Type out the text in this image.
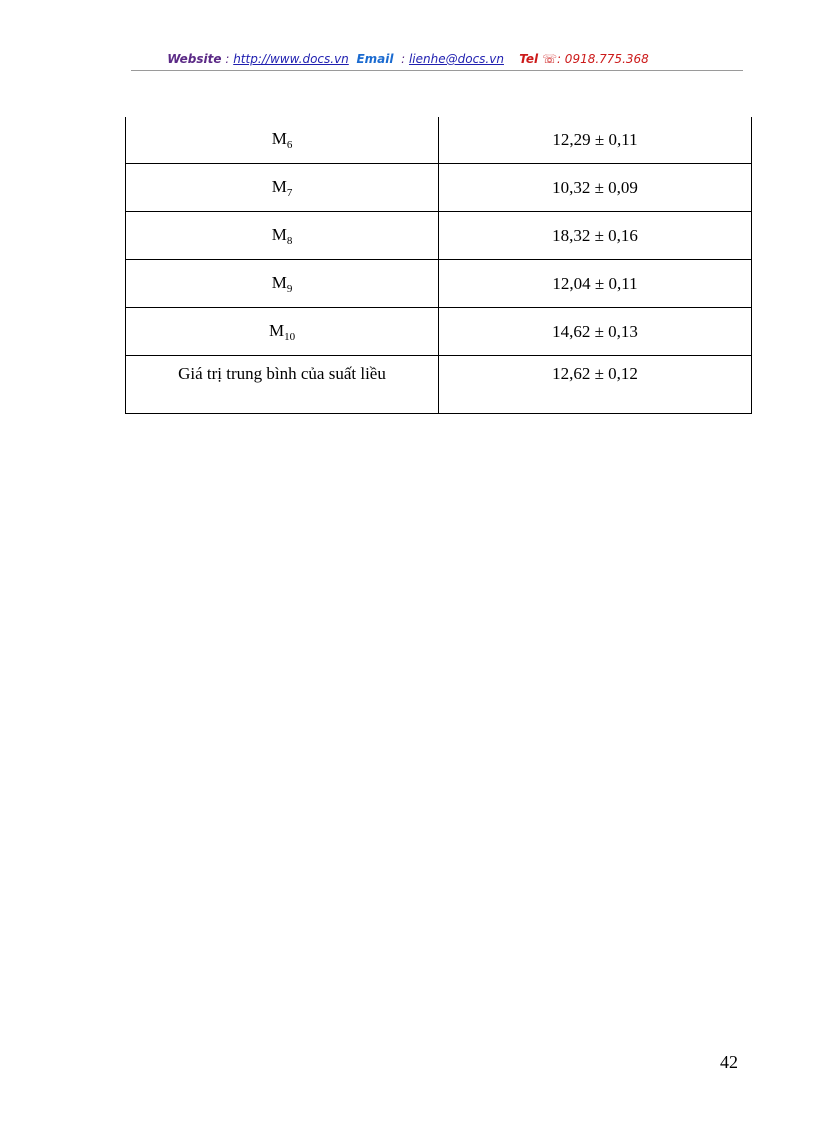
Website : http://www.docs.vn Email  : lienhe@docs.vn Tel ☏: 0918.775.368
$M_6$	12,29 ± 0,11
$M_7$	10,32 ± 0,09
$M_8$	18,32 ± 0,16
$M_9$	12,04 ± 0,11
$M_{10}$	14,62 ± 0,13
Giá trị trung bình của suất liều	12,62 ± 0,12
42
